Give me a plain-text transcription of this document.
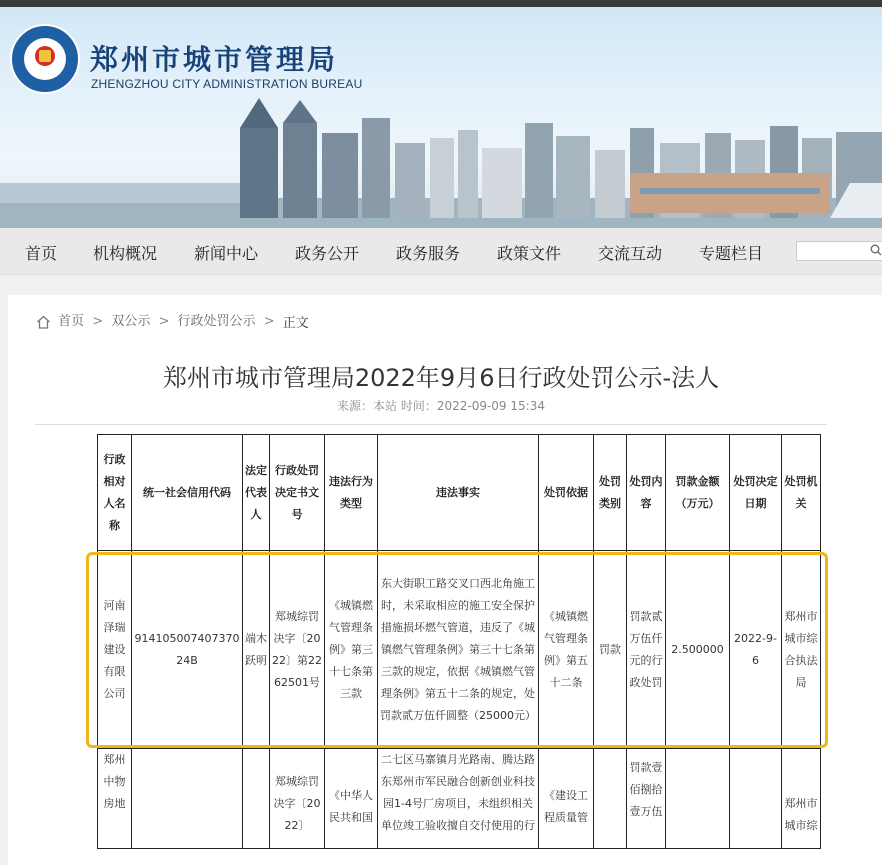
郑州市城市管理局
ZHENGZHOU CITY ADMINISTRATION BUREAU
首页 机构概况 新闻中心 政务公开 政务服务 政策文件 交流互动 专题栏目
首页 > 双公示 > 行政处罚公示 > 正文
郑州市城市管理局2022年9月6日行政处罚公示-法人
来源：本站 时间：2022-09-09 15:34
行政相对人名称	统一社会信用代码	法定代表人	行政处罚决定书文号	违法行为类型	违法事实	处罚依据	处罚类别	处罚内容	罚款金额（万元）	处罚决定日期	处罚机关
河南泽瑞建设有限公司	91410500740737024B	端木跃明	郑城综罚决字〔2022〕第2262501号	《城镇燃气管理条例》第三十七条第三款	东大街职工路交叉口西北角施工时，未采取相应的施工安全保护措施损坏燃气管道，违反了《城镇燃气管理条例》第三十七条第三款的规定，依据《城镇燃气管理条例》第五十二条的规定，处罚款贰万伍仟圆整（25000元）	《城镇燃气管理条例》第五十二条	罚款	罚款贰万伍仟元的行政处罚	2.500000	2022-9-6	郑州市城市综合执法局
郑州中物房地			郑城综罚决字〔2022〕	《中华人民共和国	二七区马寨镇月光路南、腾达路东郑州市军民融合创新创业科技园1-4号厂房项目，未组织相关单位竣工验收擅自交付使用的行	《建设工程质量管		罚款壹佰捌拾壹万伍			郑州市城市综
